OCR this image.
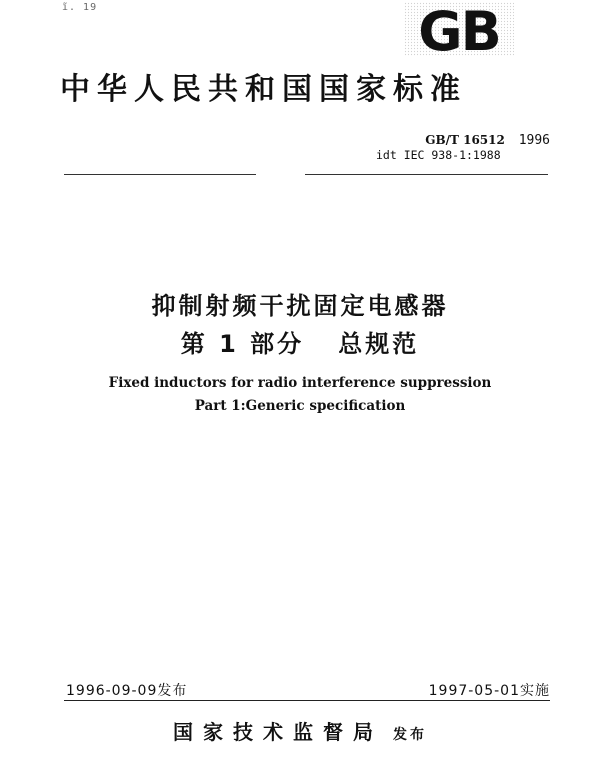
ĩ. 19	GB
中华人民共和国国家标准
GB/T 16512 1996
idt IEC 938-1:1988
抑制射频干扰固定电感器
第 1 部分   总规范
Fixed inductors for radio interference suppression
Part 1:Generic specification
1996-09-09发布	1997-05-01实施
国家技术监督局 发布
